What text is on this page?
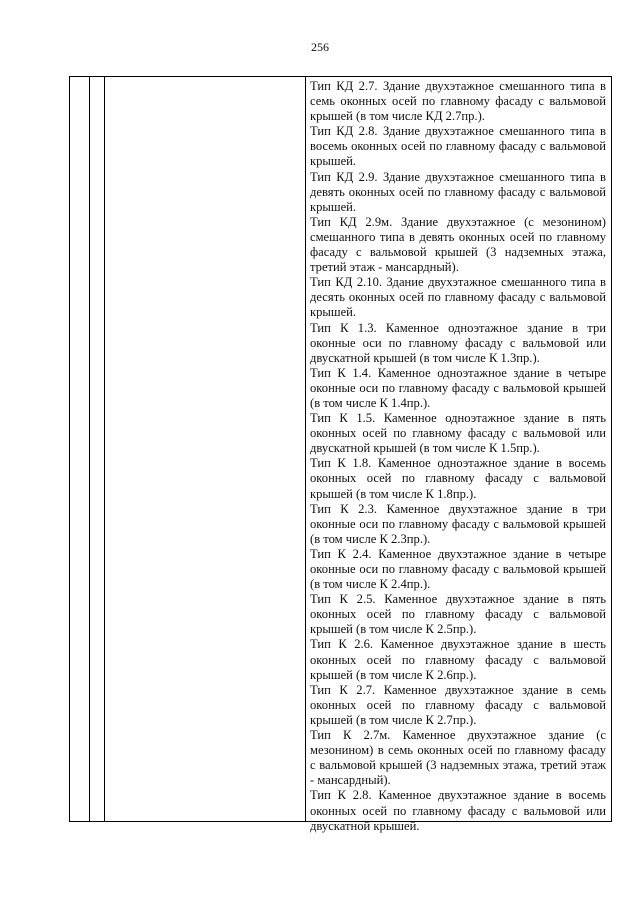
256

Тип КД 2.7. Здание двухэтажное смешанного типа в семь оконных осей по главному фасаду с вальмовой крышей (в том числе КД 2.7пр.).

Тип КД 2.8. Здание двухэтажное смешанного типа в восемь оконных осей по главному фасаду с вальмовой крышей.

Тип КД 2.9. Здание двухэтажное смешанного типа в девять оконных осей по главному фасаду с вальмовой крышей.

Тип КД 2.9м. Здание двухэтажное (с мезонином) смешанного типа в девять оконных осей по главному фасаду с вальмовой крышей (3 надземных этажа, третий этаж - мансардный).

Тип КД 2.10. Здание двухэтажное смешанного типа в десять оконных осей по главному фасаду с вальмовой крышей.

Тип К 1.3. Каменное одноэтажное здание в три оконные оси по главному фасаду с вальмовой или двускатной крышей (в том числе К 1.3пр.).

Тип К 1.4. Каменное одноэтажное здание в четыре оконные оси по главному фасаду с вальмовой крышей (в том числе К 1.4пр.).

Тип К 1.5. Каменное одноэтажное здание в пять оконных осей по главному фасаду с вальмовой или двускатной крышей (в том числе К 1.5пр.).

Тип К 1.8. Каменное одноэтажное здание в восемь оконных осей по главному фасаду с вальмовой крышей (в том числе К 1.8пр.).

Тип К 2.3. Каменное двухэтажное здание в три оконные оси по главному фасаду с вальмовой крышей (в том числе К 2.3пр.).

Тип К 2.4. Каменное двухэтажное здание в четыре оконные оси по главному фасаду с вальмовой крышей (в том числе К 2.4пр.).

Тип К 2.5. Каменное двухэтажное здание в пять оконных осей по главному фасаду с вальмовой крышей (в том числе К 2.5пр.).

Тип К 2.6. Каменное двухэтажное здание в шесть оконных осей по главному фасаду с вальмовой крышей (в том числе К 2.6пр.).

Тип К 2.7. Каменное двухэтажное здание в семь оконных осей по главному фасаду с вальмовой крышей (в том числе К 2.7пр.).

Тип К 2.7м. Каменное двухэтажное здание (с мезонином) в семь оконных осей по главному фасаду с вальмовой крышей (3 надземных этажа, третий этаж - мансардный).

Тип К 2.8. Каменное двухэтажное здание в восемь оконных осей по главному фасаду с вальмовой или двускатной крышей.
